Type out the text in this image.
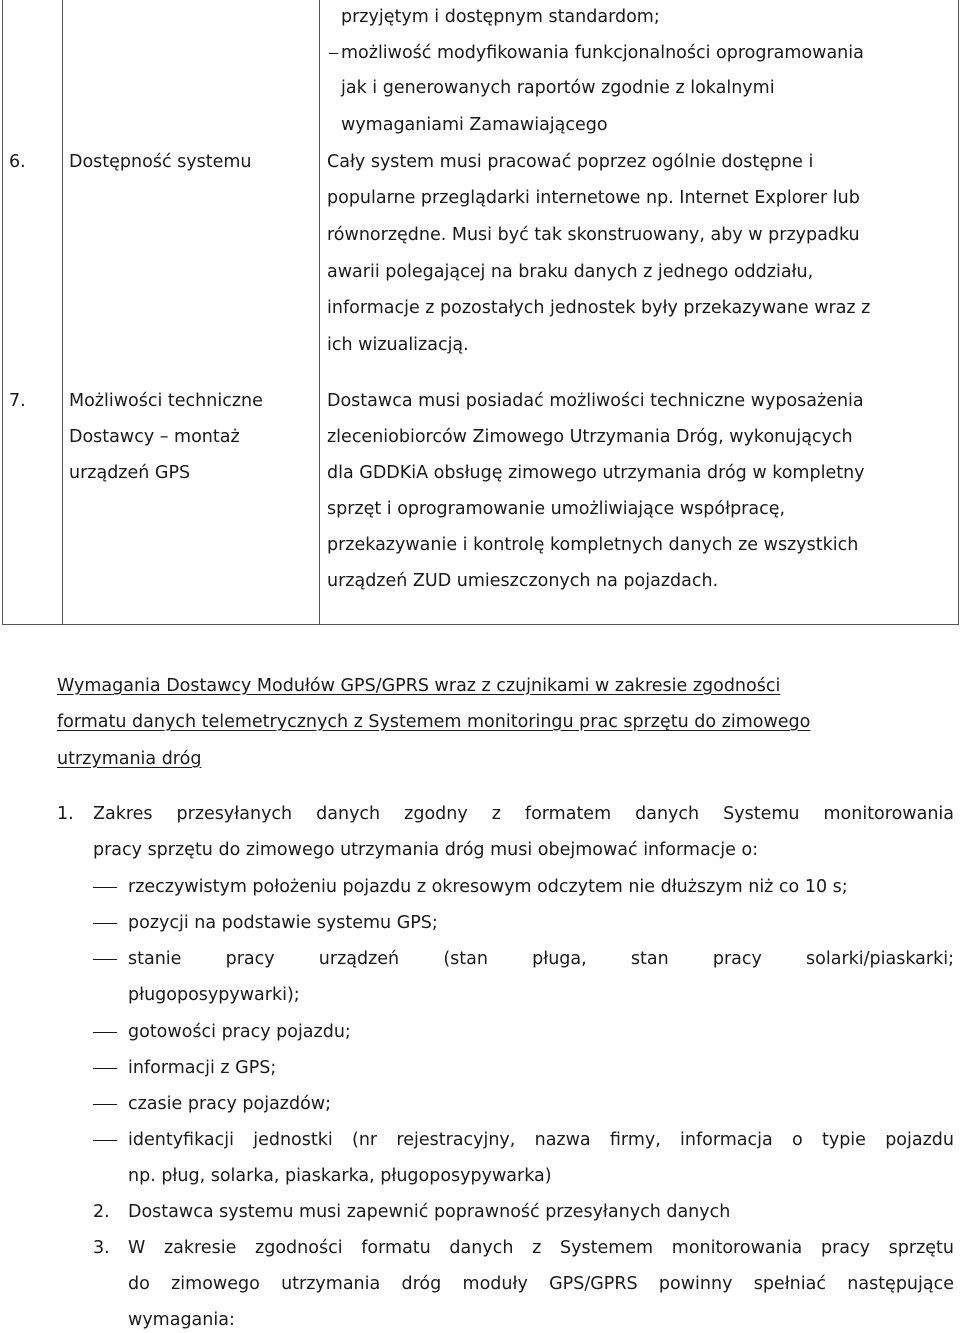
przyjętym i dostępnym standardom;
możliwość modyfikowania funkcjonalności oprogramowania
jak i generowanych raportów zgodnie z lokalnymi
wymaganiami Zamawiającego
6. Dostępność systemu	Cały system musi pracować poprzez ogólnie dostępne i
popularne przeglądarki internetowe np. Internet Explorer lub
równorzędne. Musi być tak skonstruowany, aby w przypadku
awarii polegającej na braku danych z jednego oddziału,
informacje z pozostałych jednostek były przekazywane wraz z
ich wizualizacją.
7. Możliwości techniczne
Dostawcy – montaż
urządzeń GPS
Dostawca musi posiadać możliwości techniczne wyposażenia
zleceniobiorców Zimowego Utrzymania Dróg, wykonujących
dla GDDKiA obsługę zimowego utrzymania dróg w kompletny
sprzęt i oprogramowanie umożliwiające współpracę,
przekazywanie i kontrolę kompletnych danych ze wszystkich
urządzeń ZUD umieszczonych na pojazdach.
Wymagania Dostawcy Modułów GPS/GPRS wraz z czujnikami w zakresie zgodności
formatu danych telemetrycznych z Systemem monitoringu prac sprzętu do zimowego
utrzymania dróg
1. Zakres przesyłanych danych zgodny z formatem danych Systemu monitorowania
pracy sprzętu do zimowego utrzymania dróg musi obejmować informacje o:
rzeczywistym położeniu pojazdu z okresowym odczytem nie dłuższym niż co 10 s;
pozycji na podstawie systemu GPS;
stanie pracy urządzeń (stan pługa, stan pracy solarki/piaskarki;
pługoposypywarki);
gotowości pracy pojazdu;
informacji z GPS;
czasie pracy pojazdów;
identyfikacji jednostki (nr rejestracyjny, nazwa firmy, informacja o typie pojazdu
np. pług, solarka, piaskarka, pługoposypywarka)
2. Dostawca systemu musi zapewnić poprawność przesyłanych danych
3. W zakresie zgodności formatu danych z Systemem monitorowania pracy sprzętu
do zimowego utrzymania dróg moduły GPS/GPRS powinny spełniać następujące
wymagania:
